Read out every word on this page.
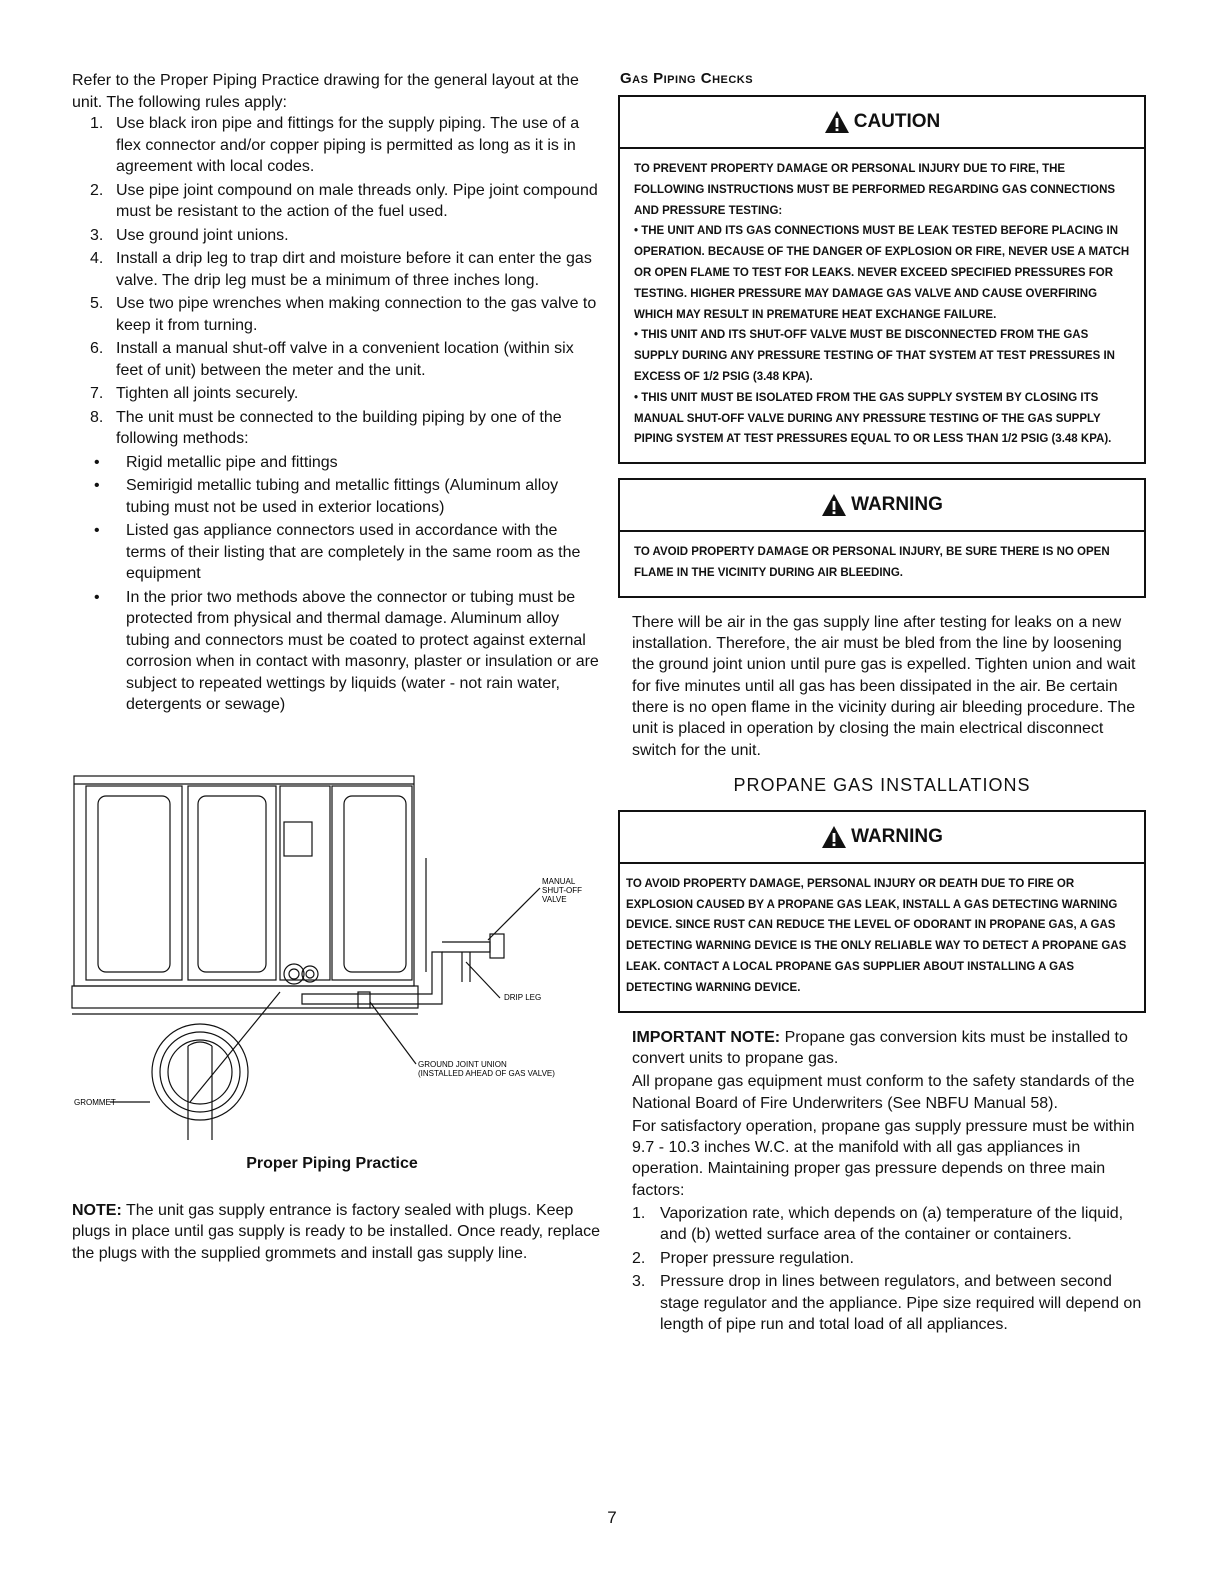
Refer to the Proper Piping Practice drawing for the general layout at the unit. The following rules apply:

1. Use black iron pipe and fittings for the supply piping. The use of a flex connector and/or copper piping is permitted as long as it is in agreement with local codes.
2. Use pipe joint compound on male threads only. Pipe joint compound must be resistant to the action of the fuel used.
3. Use ground joint unions.
4. Install a drip leg to trap dirt and moisture before it can enter the gas valve. The drip leg must be a minimum of three inches long.
5. Use two pipe wrenches when making connection to the gas valve to keep it from turning.
6. Install a manual shut-off valve in a convenient location (within six feet of unit) between the meter and the unit.
7. Tighten all joints securely.
8. The unit must be connected to the building piping by one of the following methods:
• Rigid metallic pipe and fittings
• Semirigid metallic tubing and metallic fittings (Aluminum alloy tubing must not be used in exterior locations)
• Listed gas appliance connectors used in accordance with the terms of their listing that are completely in the same room as the equipment
• In the prior two methods above the connector or tubing must be protected from physical and thermal damage. Aluminum alloy tubing and connectors must be coated to protect against external corrosion when in contact with masonry, plaster or insulation or are subject to repeated wettings by liquids (water - not rain water, detergents or sewage)
MANUAL
SHUT-OFF
VALVE
DRIP LEG
GROUND JOINT UNION
(INSTALLED AHEAD OF GAS VALVE)
GROMMET
Proper Piping Practice
NOTE: The unit gas supply entrance is factory sealed with plugs. Keep plugs in place until gas supply is ready to be installed. Once ready, replace the plugs with the supplied grommets and install gas supply line.
Gas Piping Checks
CAUTION

TO PREVENT PROPERTY DAMAGE OR PERSONAL INJURY DUE TO FIRE, THE FOLLOWING INSTRUCTIONS MUST BE PERFORMED REGARDING GAS CONNECTIONS AND PRESSURE TESTING:

• THE UNIT AND ITS GAS CONNECTIONS MUST BE LEAK TESTED BEFORE PLACING IN OPERATION. BECAUSE OF THE DANGER OF EXPLOSION OR FIRE, NEVER USE A MATCH OR OPEN FLAME TO TEST FOR LEAKS. NEVER EXCEED SPECIFIED PRESSURES FOR TESTING. HIGHER PRESSURE MAY DAMAGE GAS VALVE AND CAUSE OVERFIRING WHICH MAY RESULT IN PREMATURE HEAT EXCHANGE FAILURE.

• THIS UNIT AND ITS SHUT-OFF VALVE MUST BE DISCONNECTED FROM THE GAS SUPPLY DURING ANY PRESSURE TESTING OF THAT SYSTEM AT TEST PRESSURES IN EXCESS OF 1/2 PSIG (3.48 KPA).

• THIS UNIT MUST BE ISOLATED FROM THE GAS SUPPLY SYSTEM BY CLOSING ITS MANUAL SHUT-OFF VALVE DURING ANY PRESSURE TESTING OF THE GAS SUPPLY PIPING SYSTEM AT TEST PRESSURES EQUAL TO OR LESS THAN 1/2 PSIG (3.48 KPA).

WARNING

TO AVOID PROPERTY DAMAGE OR PERSONAL INJURY, BE SURE THERE IS NO OPEN FLAME IN THE VICINITY DURING AIR BLEEDING.

There will be air in the gas supply line after testing for leaks on a new installation. Therefore, the air must be bled from the line by loosening the ground joint union until pure gas is expelled. Tighten union and wait for five minutes until all gas has been dissipated in the air. Be certain there is no open flame in the vicinity during air bleeding procedure. The unit is placed in operation by closing the main electrical disconnect switch for the unit.

PROPANE GAS INSTALLATIONS
WARNING

TO AVOID PROPERTY DAMAGE, PERSONAL INJURY OR DEATH DUE TO FIRE OR EXPLOSION CAUSED BY A PROPANE GAS LEAK, INSTALL A GAS DETECTING WARNING DEVICE. SINCE RUST CAN REDUCE THE LEVEL OF ODORANT IN PROPANE GAS, A GAS DETECTING WARNING DEVICE IS THE ONLY RELIABLE WAY TO DETECT A PROPANE GAS LEAK. CONTACT A LOCAL PROPANE GAS SUPPLIER ABOUT INSTALLING A GAS DETECTING WARNING DEVICE.

IMPORTANT NOTE: Propane gas conversion kits must be installed to convert units to propane gas.

All propane gas equipment must conform to the safety standards of the National Board of Fire Underwriters (See NBFU Manual 58).

For satisfactory operation, propane gas supply pressure must be within 9.7 - 10.3 inches W.C. at the manifold with all gas appliances in operation. Maintaining proper gas pressure depends on three main factors:

1. Vaporization rate, which depends on (a) temperature of the liquid, and (b) wetted surface area of the container or containers.
2. Proper pressure regulation.
3. Pressure drop in lines between regulators, and between second stage regulator and the appliance. Pipe size required will depend on length of pipe run and total load of all appliances.
7
